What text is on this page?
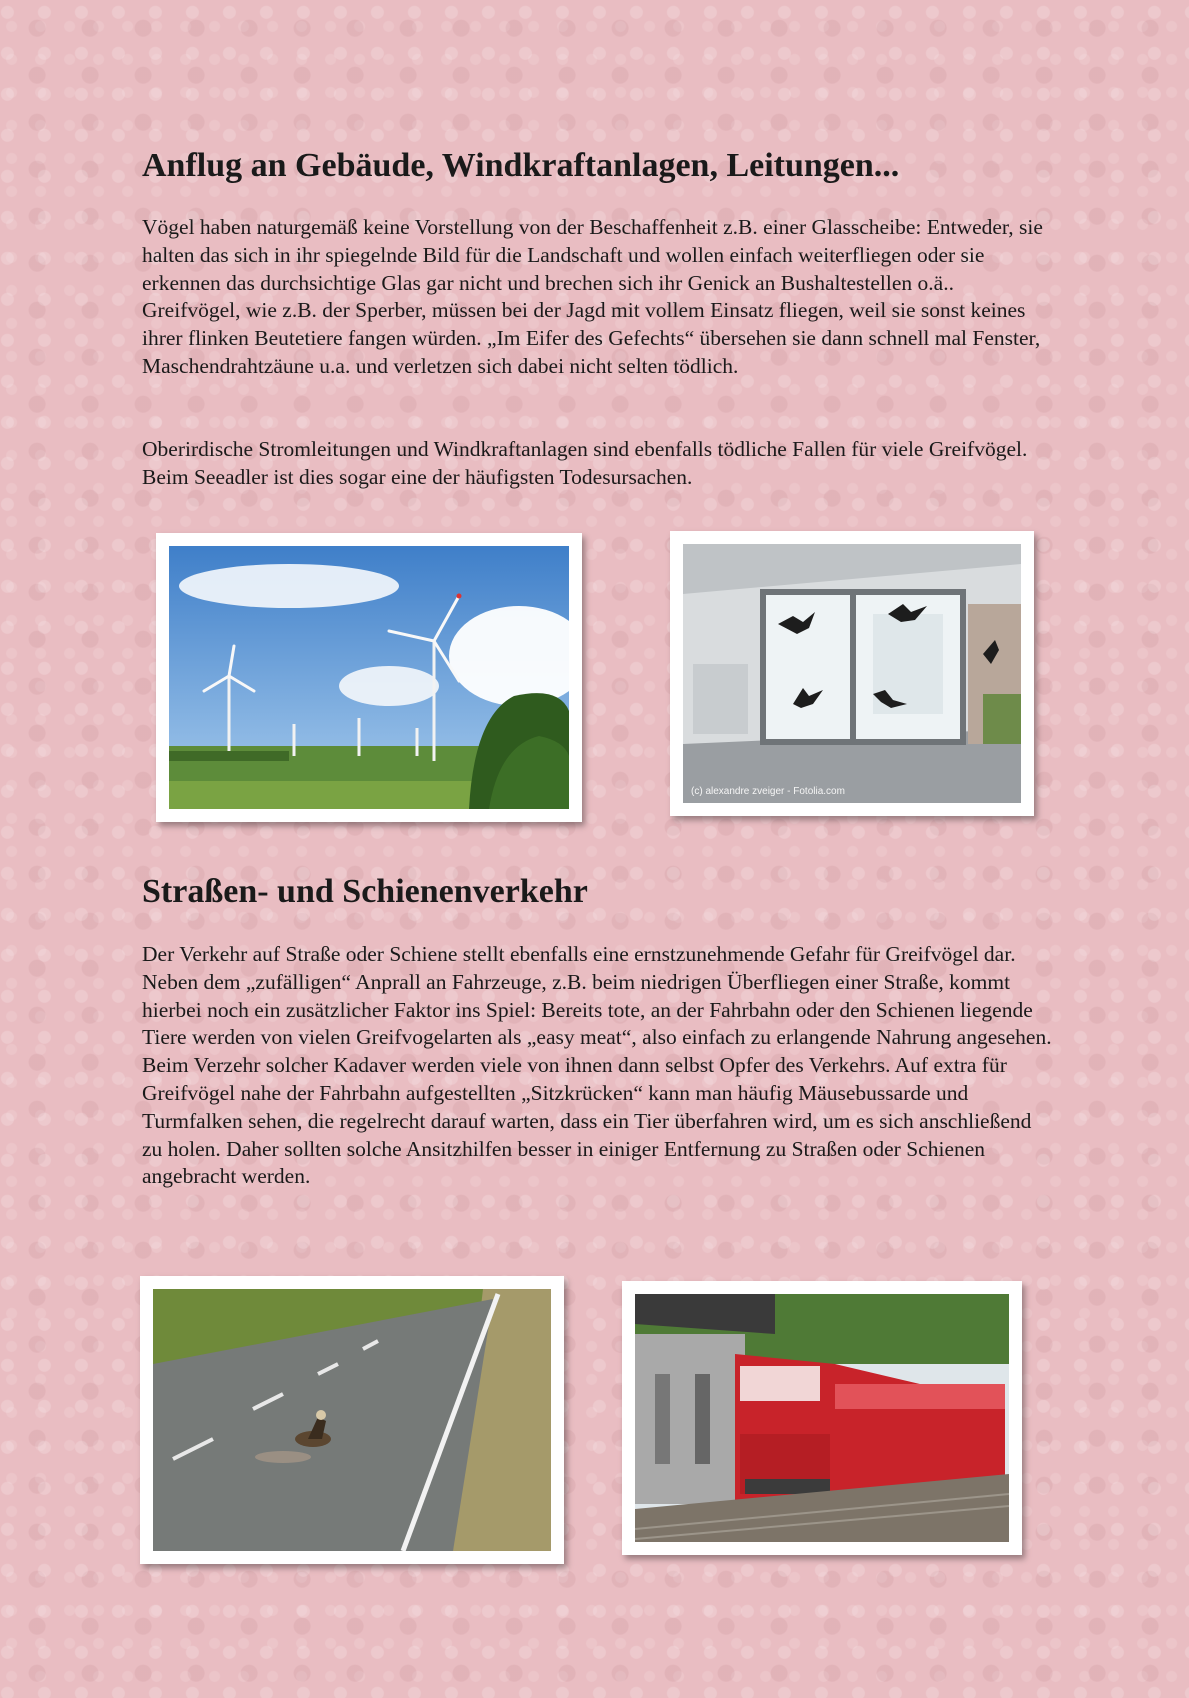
Anflug an Gebäude, Windkraftanlagen, Leitungen...

Vögel haben naturgemäß keine Vorstellung von der Beschaffenheit z.B. einer Glasscheibe: Entweder, sie halten das sich in ihr spiegelnde Bild für die Landschaft und wollen einfach weiterfliegen oder sie erkennen das durchsichtige Glas gar nicht und brechen sich ihr Genick an Bushaltestellen o.ä.. Greifvögel, wie z.B. der Sperber, müssen bei der Jagd mit vollem Einsatz fliegen, weil sie sonst keines ihrer flinken Beutetiere fangen würden. „Im Eifer des Gefechts“ übersehen sie dann schnell mal Fenster, Maschendrahtzäune u.a. und verletzen sich dabei nicht selten tödlich.

Oberirdische Stromleitungen und Windkraftanlagen sind ebenfalls tödliche Fallen für viele Greifvögel. Beim Seeadler ist dies sogar eine der häufigsten Todesursachen.

(c) alexandre zveiger - Fotolia.com
Straßen- und Schienenverkehr

Der Verkehr auf Straße oder Schiene stellt ebenfalls eine ernstzunehmende Gefahr für Greifvögel dar. Neben dem „zufälligen“ Anprall an Fahrzeuge, z.B. beim niedrigen Überfliegen einer Straße, kommt hierbei noch ein zusätzlicher Faktor ins Spiel: Bereits tote, an der Fahrbahn oder den Schienen liegende Tiere werden von vielen Greifvogelarten als „easy meat“, also einfach zu erlangende Nahrung angesehen. Beim Verzehr solcher Kadaver werden viele von ihnen dann selbst Opfer des Verkehrs. Auf extra für Greifvögel nahe der Fahrbahn aufgestellten „Sitzkrücken“ kann man häufig Mäusebussarde und Turmfalken sehen, die regelrecht darauf warten, dass ein Tier überfahren wird, um es sich anschließend zu holen. Daher sollten solche Ansitzhilfen besser in einiger Entfernung zu Straßen oder Schienen angebracht werden.
